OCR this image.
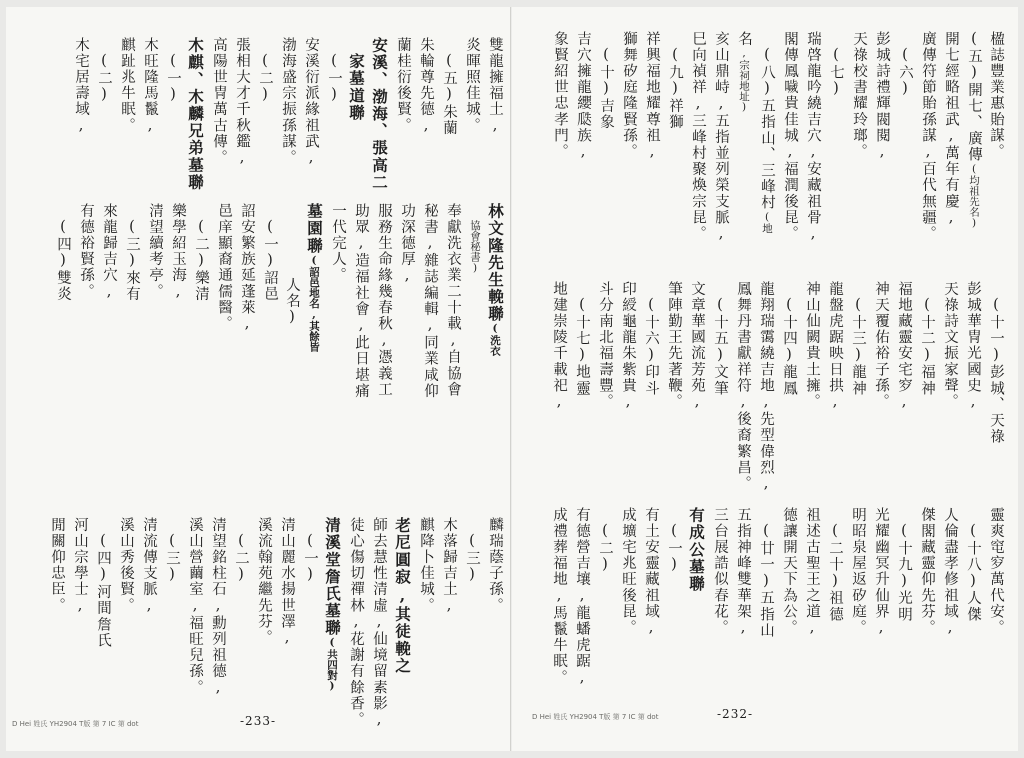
林文隆先生輓聯(洗衣
協會秘書)
奉獻洗衣業二十載,自協會
秘書,雜誌編輯,同業咸仰
功深德厚,
服務生命緣幾春秋,憑義工
助眾,造福社會,此日堪痛
一代完人。
墓園聯(詔邑地名,其餘皆
人名)
(一)詔邑
詔安繁族延蓬萊,
邑庠顯裔通儒醫。
(二)樂清
樂學紹玉海,
清望續考亭。
(三)來有
來龍歸吉穴,
有德裕賢孫。
(四)雙炎
雙龍擁福土,
炎暉照佳城。
(五)朱蘭
朱輪尊先德,
蘭桂衍後賢。
安溪、渤海、張高二
家墓道聯
(一)
安溪衍派緣祖武,
渤海盛宗振孫謀。
(二)
張相大才千秋鑑,
高陽世冑萬古傳。
木麒、木麟兄弟墓聯
(一)
木旺隆馬鬣,
麒趾兆牛眠。
(二)
木宅居壽域,
麟瑞蔭子孫。
(三)
木落歸吉土,
麒降卜佳城。
老尼圓寂,其徒輓之
師去慧性清虛,仙境留素影,
徒心傷切禪林,花謝有餘香。
清溪堂詹氏墓聯(共四對)
(一)
清山麗水揚世澤,
溪流翰苑繼先芬。
(二)
清望銘柱石,勳列祖德,
溪山營繭室,福旺兒孫。
(三)
清流傳支脈,
溪山秀後賢。
(四)河間詹氏
河山宗學士,
閒關仰忠臣。
-233-
D Hei 姓氏 YH2904 T版 第 7 IC 第 dot
楹誌豐業惠貽謀。
(五)開七、廣傳(均祖先名)
開七經略祖武,萬年有慶,
廣傳符節貽孫謀,百代無疆。
(六)
彭城詩禮輝閥閱,
天祿校書耀玲瑯。
(七)
瑞啓龍吟繞吉穴,安藏祖骨,
閣傳鳳噦貴佳城,福潤後昆。
(八)五指山、三峰村(地
名,宗祠地址)
亥山鼎峙,五指並列榮支脈,
巳向禎祥,三峰村聚煥宗昆。
(九)祥獅
祥興福地耀尊祖,
獅舞矽庭隆賢孫。
(十)吉象
吉穴擁龍纓瓞族,
象賢紹世忠孝門。
(十一)彭城、天祿
彭城華冑光國史,
天祿詩文振家聲。
(十二)福神
福地藏靈安宅穸,
神天覆佑裕子孫。
(十三)龍神
龍盤虎踞映日拱,
神山仙闕貴土擁。
(十四)龍鳳
龍翔瑞霭繞吉地,先型偉烈,
鳳舞丹書獻祥符,後裔繁昌。
(十五)文筆
文章華國流芳苑,
筆陣勤王先著鞭。
(十六)印斗
印綬龜龍朱紫貴,
斗分南北福壽豐。
(十七)地靈
地建崇陵千載祀,
靈爽窀穸萬代安。
(十八)人傑
人倫盡孝修祖域,
傑閣藏靈仰先芬。
(十九)光明
光耀幽冥升仙界,
明昭泉屋返矽庭。
(二十)祖德
祖述古聖王之道,
德讓開天下為公。
(廿一)五指山
五指神峰雙華架,
三台展誥似春花。
有成公墓聯
(一)
有土安靈藏祖域,
成壙宅兆旺後昆。
(二)
有德營吉壤,龍蟠虎踞,
成禮葬福地,馬鬣牛眠。
-232-
D Hei 姓氏 YH2904 T版 第 7 IC 第 dot
